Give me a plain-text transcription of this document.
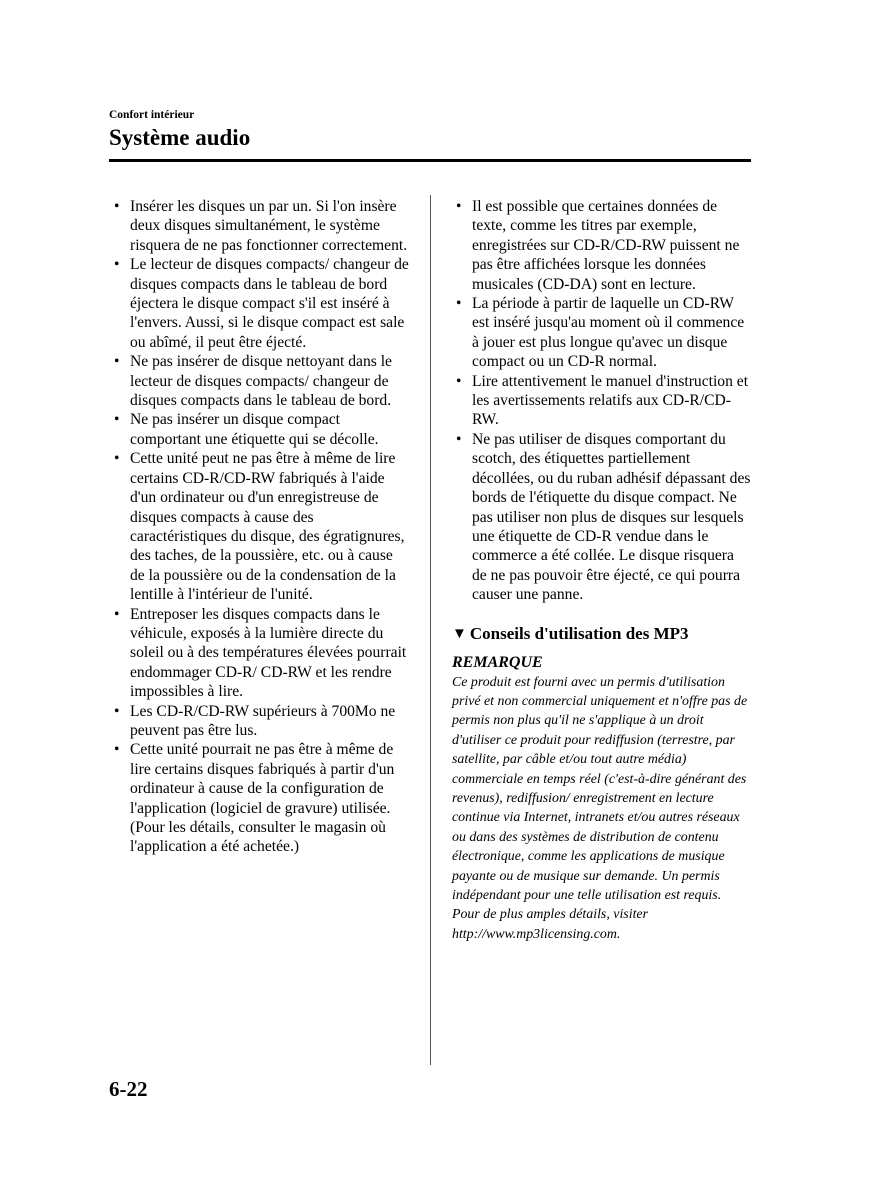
Confort intérieur
Système audio
• Insérer les disques un par un. Si l'on insère deux disques simultanément, le système risquera de ne pas fonctionner correctement.
• Le lecteur de disques compacts/ changeur de disques compacts dans le tableau de bord éjectera le disque compact s'il est inséré à l'envers. Aussi, si le disque compact est sale ou abîmé, il peut être éjecté.
• Ne pas insérer de disque nettoyant dans le lecteur de disques compacts/ changeur de disques compacts dans le tableau de bord.
• Ne pas insérer un disque compact comportant une étiquette qui se décolle.
• Cette unité peut ne pas être à même de lire certains CD-R/CD-RW fabriqués à l'aide d'un ordinateur ou d'un enregistreuse de disques compacts à cause des caractéristiques du disque, des égratignures, des taches, de la poussière, etc. ou à cause de la poussière ou de la condensation de la lentille à l'intérieur de l'unité.
• Entreposer les disques compacts dans le véhicule, exposés à la lumière directe du soleil ou à des températures élevées pourrait endommager CD-R/ CD-RW et les rendre impossibles à lire.
• Les CD-R/CD-RW supérieurs à 700Mo ne peuvent pas être lus.
• Cette unité pourrait ne pas être à même de lire certains disques fabriqués à partir d'un ordinateur à cause de la configuration de l'application (logiciel de gravure) utilisée. (Pour les détails, consulter le magasin où l'application a été achetée.)
• Il est possible que certaines données de texte, comme les titres par exemple, enregistrées sur CD-R/CD-RW puissent ne pas être affichées lorsque les données musicales (CD-DA) sont en lecture.
• La période à partir de laquelle un CD-RW est inséré jusqu'au moment où il commence à jouer est plus longue qu'avec un disque compact ou un CD-R normal.
• Lire attentivement le manuel d'instruction et les avertissements relatifs aux CD-R/CD-RW.
• Ne pas utiliser de disques comportant du scotch, des étiquettes partiellement décollées, ou du ruban adhésif dépassant des bords de l'étiquette du disque compact. Ne pas utiliser non plus de disques sur lesquels une étiquette de CD-R vendue dans le commerce a été collée. Le disque risquera de ne pas pouvoir être éjecté, ce qui pourra causer une panne.
▼ Conseils d'utilisation des MP3
REMARQUE

Ce produit est fourni avec un permis d'utilisation privé et non commercial uniquement et n'offre pas de permis non plus qu'il ne s'applique à un droit d'utiliser ce produit pour rediffusion (terrestre, par satellite, par câble et/ou tout autre média) commerciale en temps réel (c'est-à-dire générant des revenus), rediffusion/ enregistrement en lecture continue via Internet, intranets et/ou autres réseaux ou dans des systèmes de distribution de contenu électronique, comme les applications de musique payante ou de musique sur demande. Un permis indépendant pour une telle utilisation est requis. Pour de plus amples détails, visiter http://www.mp3licensing.com.

6-22
